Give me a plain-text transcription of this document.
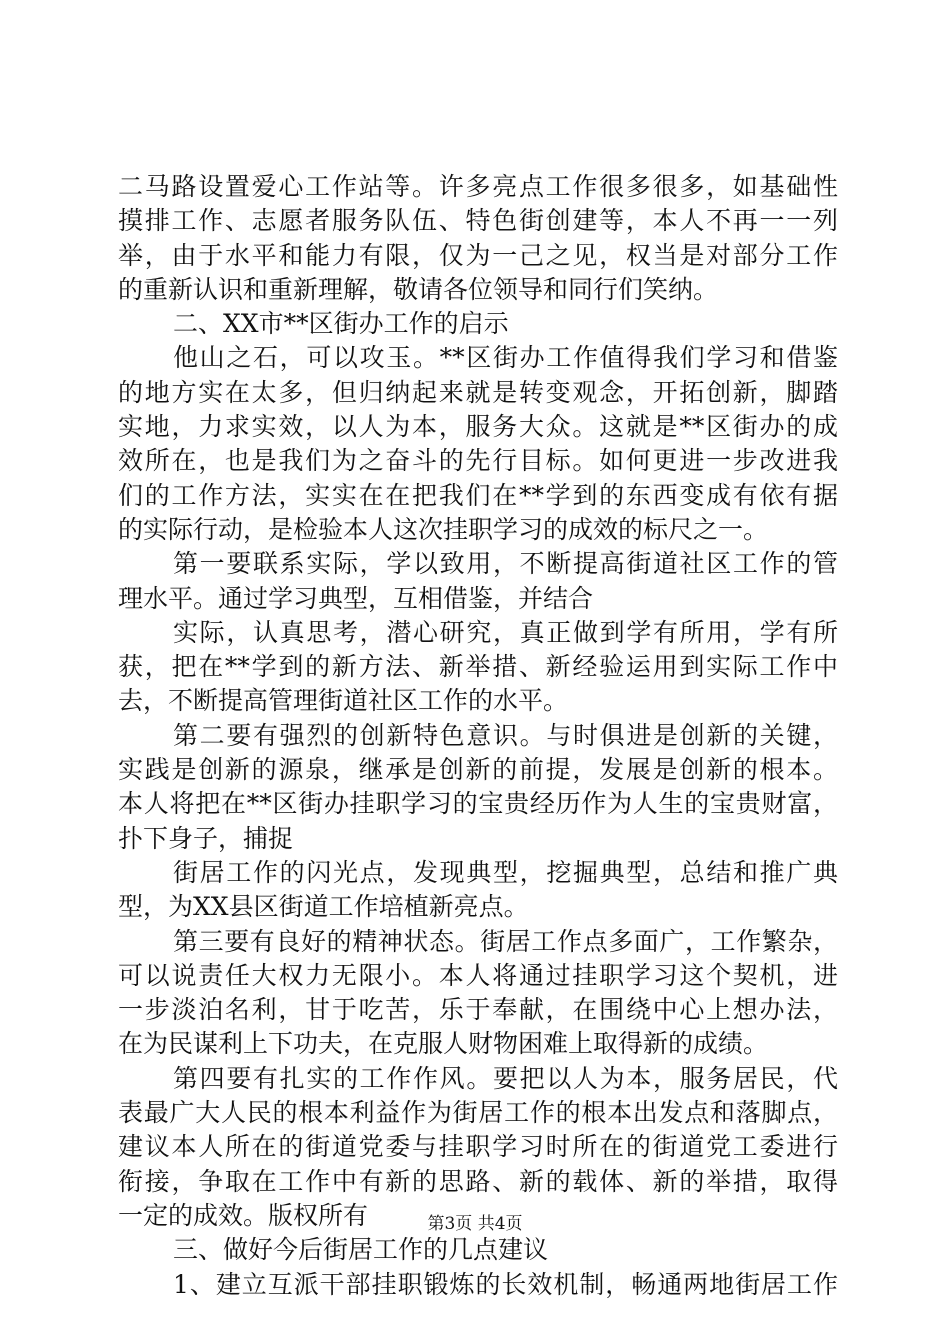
二马路设置爱心工作站等。许多亮点工作很多很多，如基础性
摸排工作、志愿者服务队伍、特色街创建等，本人不再一一列
举，由于水平和能力有限，仅为一己之见，权当是对部分工作
的重新认识和重新理解，敬请各位领导和同行们笑纳。
二、XX市**区街办工作的启示
他山之石，可以攻玉。**区街办工作值得我们学习和借鉴
的地方实在太多，但归纳起来就是转变观念，开拓创新，脚踏
实地，力求实效，以人为本，服务大众。这就是**区街办的成
效所在，也是我们为之奋斗的先行目标。如何更进一步改进我
们的工作方法，实实在在把我们在**学到的东西变成有依有据
的实际行动，是检验本人这次挂职学习的成效的标尺之一。
第一要联系实际，学以致用，不断提高街道社区工作的管
理水平。通过学习典型，互相借鉴，并结合
实际，认真思考，潜心研究，真正做到学有所用，学有所
获，把在**学到的新方法、新举措、新经验运用到实际工作中
去，不断提高管理街道社区工作的水平。
第二要有强烈的创新特色意识。与时俱进是创新的关键，
实践是创新的源泉，继承是创新的前提，发展是创新的根本。
本人将把在**区街办挂职学习的宝贵经历作为人生的宝贵财富，
扑下身子，捕捉
街居工作的闪光点，发现典型，挖掘典型，总结和推广典
型，为XX县区街道工作培植新亮点。
第三要有良好的精神状态。街居工作点多面广，工作繁杂，
可以说责任大权力无限小。本人将通过挂职学习这个契机，进
一步淡泊名利，甘于吃苦，乐于奉献，在围绕中心上想办法，
在为民谋利上下功夫，在克服人财物困难上取得新的成绩。
第四要有扎实的工作作风。要把以人为本，服务居民，代
表最广大人民的根本利益作为街居工作的根本出发点和落脚点，
建议本人所在的街道党委与挂职学习时所在的街道党工委进行
衔接，争取在工作中有新的思路、新的载体、新的举措，取得
一定的成效。版权所有
三、做好今后街居工作的几点建议
1、建立互派干部挂职锻炼的长效机制，畅通两地街居工作
第3页 共4页
